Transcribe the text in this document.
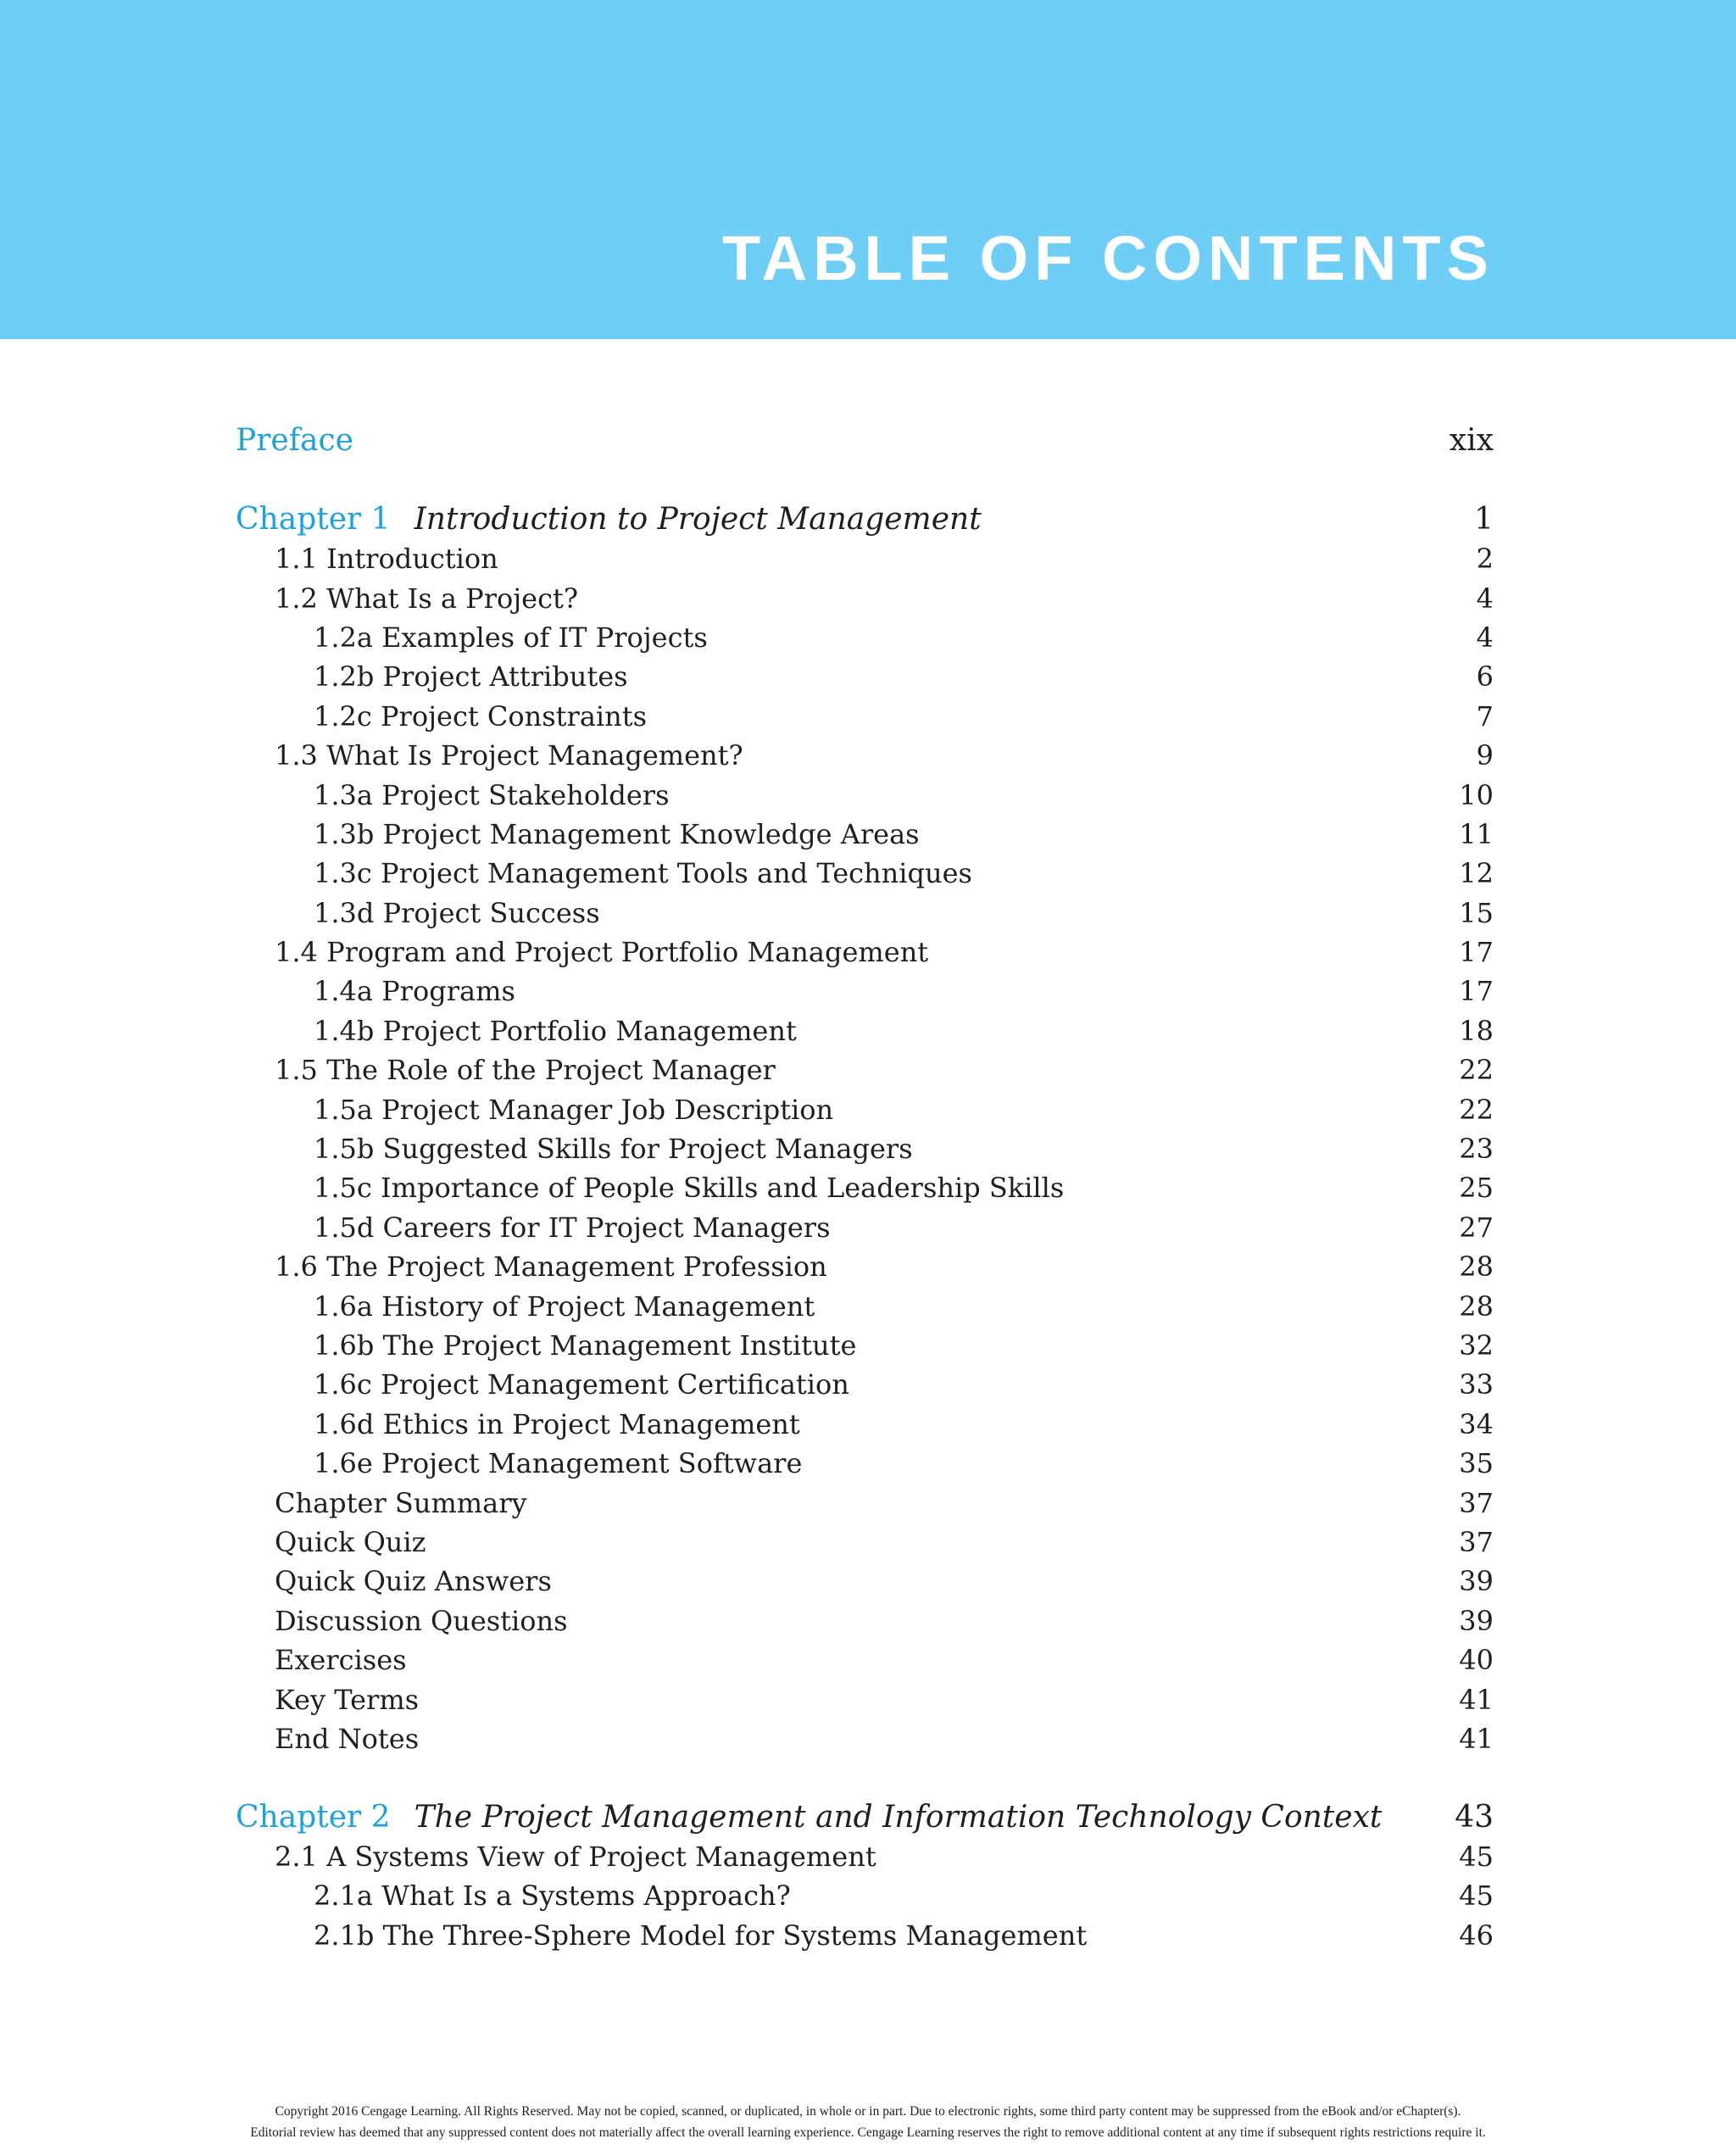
TABLE OF CONTENTS
Preface	xix
Chapter 1  Introduction to Project Management	1
1.1 Introduction	2
1.2 What Is a Project?	4
1.2a Examples of IT Projects	4
1.2b Project Attributes	6
1.2c Project Constraints	7
1.3 What Is Project Management?	9
1.3a Project Stakeholders	10
1.3b Project Management Knowledge Areas	11
1.3c Project Management Tools and Techniques	12
1.3d Project Success	15
1.4 Program and Project Portfolio Management	17
1.4a Programs	17
1.4b Project Portfolio Management	18
1.5 The Role of the Project Manager	22
1.5a Project Manager Job Description	22
1.5b Suggested Skills for Project Managers	23
1.5c Importance of People Skills and Leadership Skills	25
1.5d Careers for IT Project Managers	27
1.6 The Project Management Profession	28
1.6a History of Project Management	28
1.6b The Project Management Institute	32
1.6c Project Management Certification	33
1.6d Ethics in Project Management	34
1.6e Project Management Software	35
Chapter Summary	37
Quick Quiz	37
Quick Quiz Answers	39
Discussion Questions	39
Exercises	40
Key Terms	41
End Notes	41
Chapter 2  The Project Management and Information Technology Context 43
2.1 A Systems View of Project Management	45
2.1a What Is a Systems Approach?	45
2.1b The Three-Sphere Model for Systems Management	46
Copyright 2016 Cengage Learning. All Rights Reserved. May not be copied, scanned, or duplicated, in whole or in part. Due to electronic rights, some third party content may be suppressed from the eBook and/or eChapter(s).
Editorial review has deemed that any suppressed content does not materially affect the overall learning experience. Cengage Learning reserves the right to remove additional content at any time if subsequent rights restrictions require it.
